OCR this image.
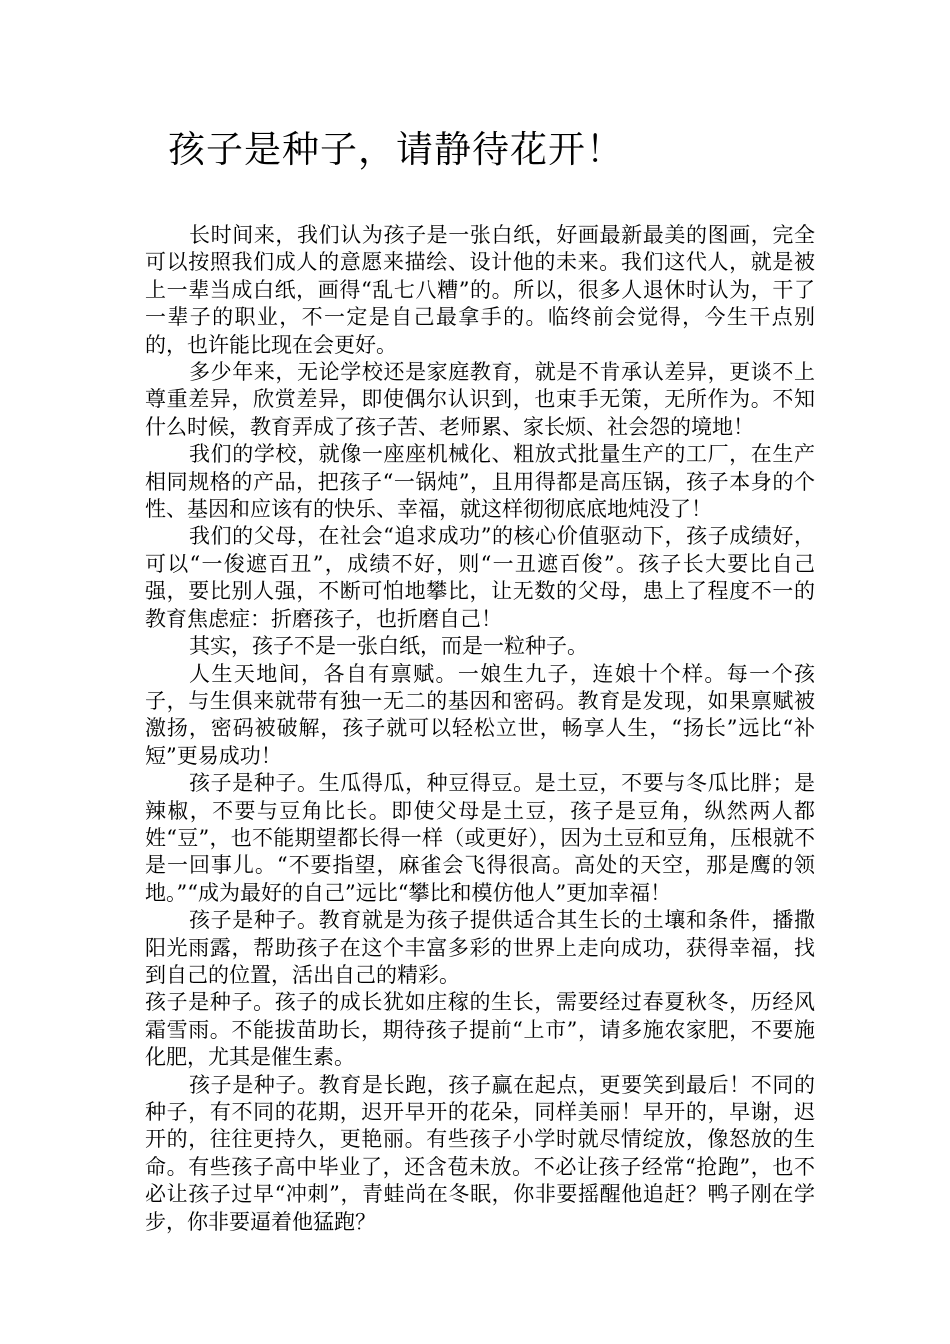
孩子是种子，请静待花开！

长时间来，我们认为孩子是一张白纸，好画最新最美的图画，完全可以按照我们成人的意愿来描绘、设计他的未来。我们这代人，就是被上一辈当成白纸，画得“乱七八糟”的。所以，很多人退休时认为，干了一辈子的职业，不一定是自己最拿手的。临终前会觉得，今生干点别的，也许能比现在会更好。

多少年来，无论学校还是家庭教育，就是不肯承认差异，更谈不上尊重差异，欣赏差异，即使偶尔认识到，也束手无策，无所作为。不知什么时候，教育弄成了孩子苦、老师累、家长烦、社会怨的境地！

我们的学校，就像一座座机械化、粗放式批量生产的工厂，在生产相同规格的产品，把孩子“一锅炖”，且用得都是高压锅，孩子本身的个性、基因和应该有的快乐、幸福，就这样彻彻底底地炖没了！

我们的父母，在社会“追求成功”的核心价值驱动下，孩子成绩好，可以“一俊遮百丑”，成绩不好，则“一丑遮百俊”。孩子长大要比自己强，要比别人强，不断可怕地攀比，让无数的父母，患上了程度不一的教育焦虑症：折磨孩子，也折磨自己！

其实，孩子不是一张白纸，而是一粒种子。

人生天地间，各自有禀赋。一娘生九子，连娘十个样。每一个孩子，与生俱来就带有独一无二的基因和密码。教育是发现，如果禀赋被激扬，密码被破解，孩子就可以轻松立世，畅享人生，“扬长”远比“补短”更易成功！

孩子是种子。生瓜得瓜，种豆得豆。是土豆，不要与冬瓜比胖；是辣椒，不要与豆角比长。即使父母是土豆，孩子是豆角，纵然两人都姓“豆”，也不能期望都长得一样（或更好），因为土豆和豆角，压根就不是一回事儿。“不要指望，麻雀会飞得很高。高处的天空，那是鹰的领地。”“成为最好的自己”远比“攀比和模仿他人”更加幸福！

孩子是种子。教育就是为孩子提供适合其生长的土壤和条件，播撒阳光雨露，帮助孩子在这个丰富多彩的世界上走向成功，获得幸福，找到自己的位置，活出自己的精彩。

孩子是种子。孩子的成长犹如庄稼的生长，需要经过春夏秋冬，历经风霜雪雨。不能拔苗助长，期待孩子提前“上市”，请多施农家肥，不要施化肥，尤其是催生素。

孩子是种子。教育是长跑，孩子赢在起点，更要笑到最后！不同的种子，有不同的花期，迟开早开的花朵，同样美丽！早开的，早谢，迟开的，往往更持久，更艳丽。有些孩子小学时就尽情绽放，像怒放的生命。有些孩子高中毕业了，还含苞未放。不必让孩子经常“抢跑”，也不必让孩子过早“冲刺”，青蛙尚在冬眠，你非要摇醒他追赶？鸭子刚在学步，你非要逼着他猛跑？
